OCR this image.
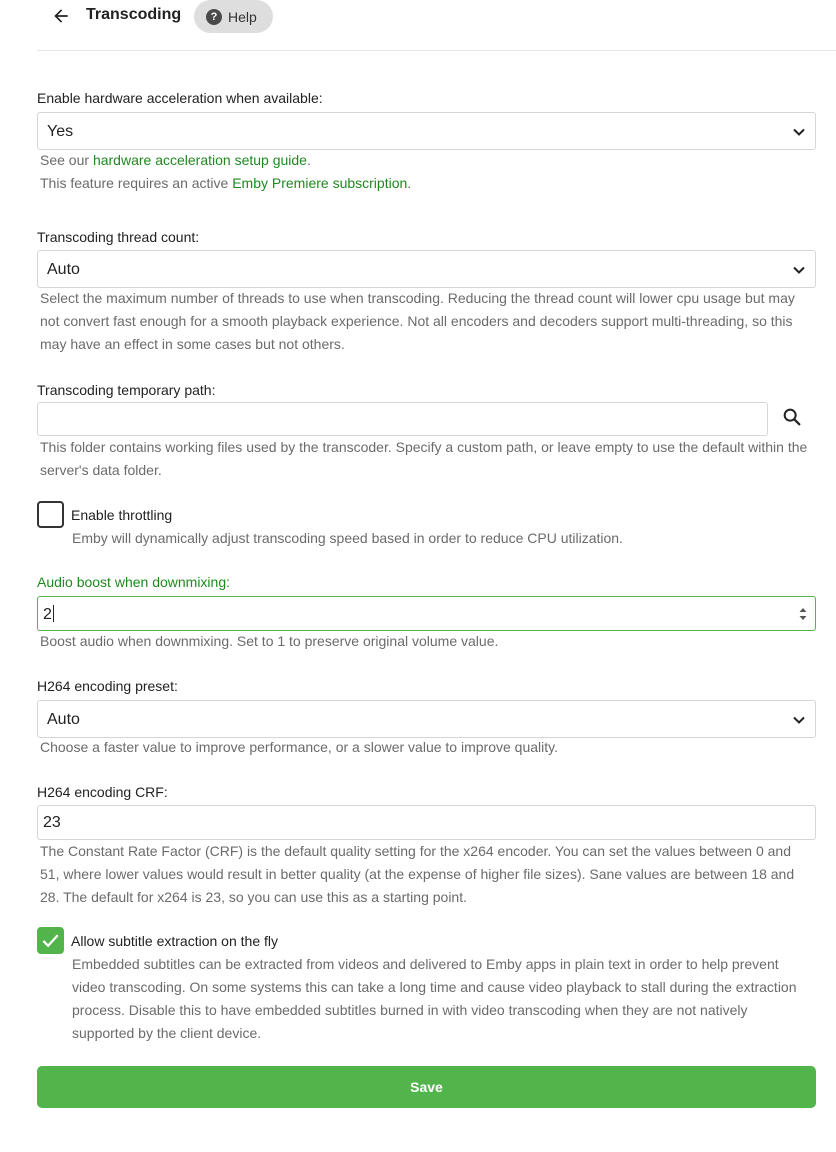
Transcoding	? Help
Enable hardware acceleration when available:
Yes
See our hardware acceleration setup guide.
This feature requires an active Emby Premiere subscription.
Transcoding thread count:
Auto
Select the maximum number of threads to use when transcoding. Reducing the thread count will lower cpu usage but may not convert fast enough for a smooth playback experience. Not all encoders and decoders support multi-threading, so this may have an effect in some cases but not others.
Transcoding temporary path:
This folder contains working files used by the transcoder. Specify a custom path, or leave empty to use the default within the server's data folder.
Enable throttling
Emby will dynamically adjust transcoding speed based in order to reduce CPU utilization.
Audio boost when downmixing:
2
Boost audio when downmixing. Set to 1 to preserve original volume value.
H264 encoding preset:
Auto
Choose a faster value to improve performance, or a slower value to improve quality.
H264 encoding CRF:
23
The Constant Rate Factor (CRF) is the default quality setting for the x264 encoder. You can set the values between 0 and 51, where lower values would result in better quality (at the expense of higher file sizes). Sane values are between 18 and 28. The default for x264 is 23, so you can use this as a starting point.
Allow subtitle extraction on the fly
Embedded subtitles can be extracted from videos and delivered to Emby apps in plain text in order to help prevent video transcoding. On some systems this can take a long time and cause video playback to stall during the extraction process. Disable this to have embedded subtitles burned in with video transcoding when they are not natively supported by the client device.
Save
